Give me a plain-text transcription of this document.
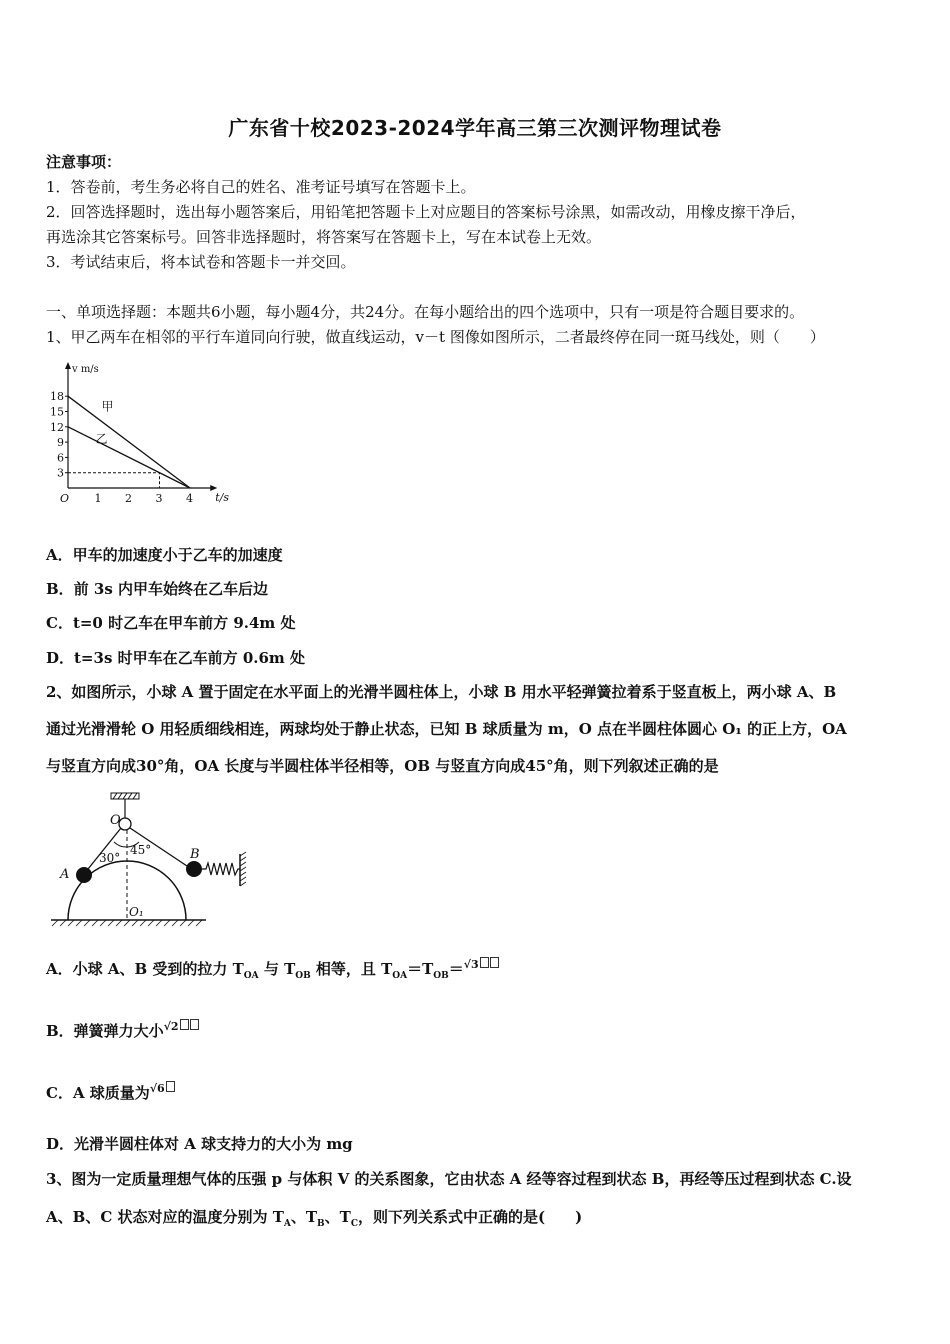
广东省十校2023-2024学年高三第三次测评物理试卷
注意事项：
1．答卷前，考生务必将自己的姓名、准考证号填写在答题卡上。
2．回答选择题时，选出每小题答案后，用铅笔把答题卡上对应题目的答案标号涂黑，如需改动，用橡皮擦干净后，
再选涂其它答案标号。回答非选择题时，将答案写在答题卡上，写在本试卷上无效。
3．考试结束后，将本试卷和答题卡一并交回。
一、单项选择题：本题共6小题，每小题4分，共24分。在每小题给出的四个选项中，只有一项是符合题目要求的。
1、甲乙两车在相邻的平行车道同向行驶，做直线运动，v－t 图像如图所示，二者最终停在同一斑马线处，则（　　）
v m/s
t/s
O 1 2 3 4
3
6
9
12
15
18
甲
乙
A．甲车的加速度小于乙车的加速度
B．前 3s 内甲车始终在乙车后边
C．t=0 时乙车在甲车前方 9.4m 处
D．t=3s 时甲车在乙车前方 0.6m 处
2、如图所示，小球 A 置于固定在水平面上的光滑半圆柱体上，小球 B 用水平轻弹簧拉着系于竖直板上，两小球 A、B
通过光滑滑轮 O 用轻质细线相连，两球均处于静止状态，已知 B 球质量为 m，O 点在半圆柱体圆心 O₁ 的正上方，OA
与竖直方向成30°角，OA 长度与半圆柱体半径相等，OB 与竖直方向成45°角，则下列叙述正确的是
O
A
B
O₁
30°
45°
A．小球 A、B 受到的拉力 $T_{OA}$ 与 $T_{OB}$ 相等，且 $T_{OA}=T_{OB}=^{√3}$
B．弹簧弹力大小$^{√2}$
C．A 球质量为$^{√6}$
D．光滑半圆柱体对 A 球支持力的大小为 mg
3、图为一定质量理想气体的压强 p 与体积 V 的关系图象，它由状态 A 经等容过程到状态 B，再经等压过程到状态 C.设
A、B、C 状态对应的温度分别为 $T_A$、$T_B$、$T_C$，则下列关系式中正确的是(　　)
